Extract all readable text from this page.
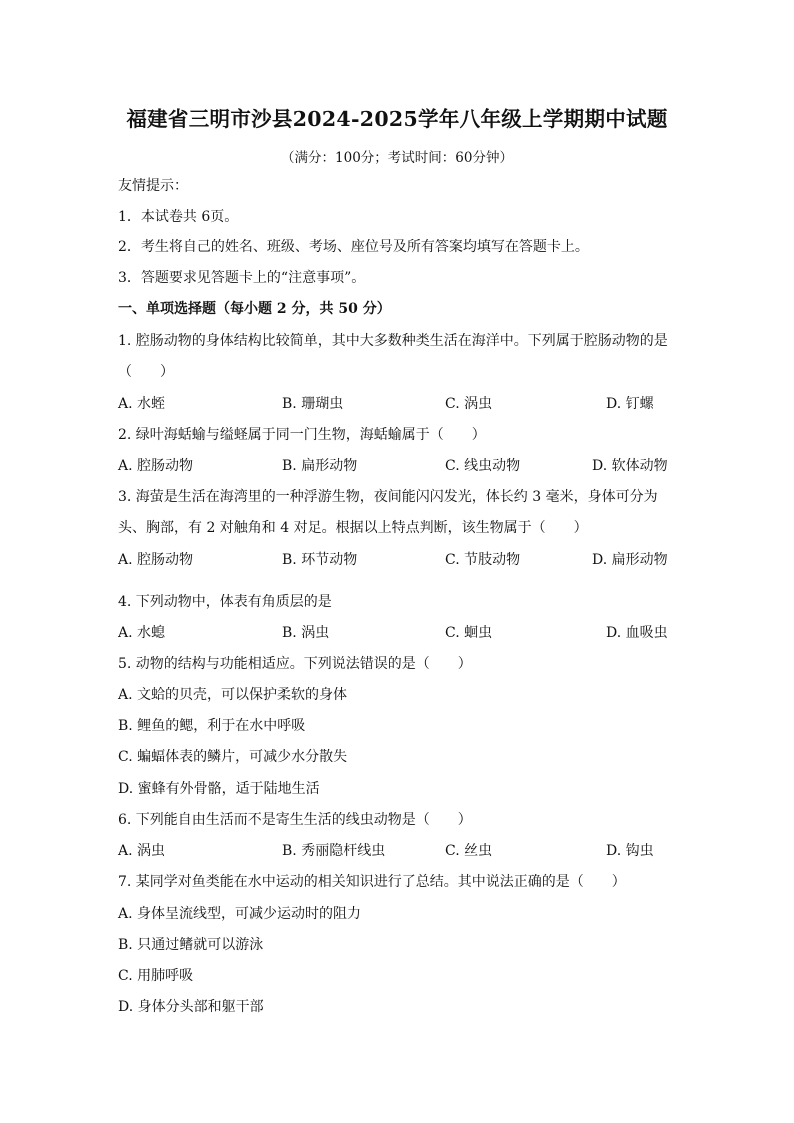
福建省三明市沙县2024-2025学年八年级上学期期中试题
（满分：100分；考试时间：60分钟）
友情提示：
1．本试卷共 6页。
2．考生将自己的姓名、班级、考场、座位号及所有答案均填写在答题卡上。
3．答题要求见答题卡上的“注意事项”。
一、单项选择题（每小题 2 分，共 50 分）
1. 腔肠动物的身体结构比较简单，其中大多数种类生活在海洋中。下列属于腔肠动物的是
（　　）
A. 水蛭	B. 珊瑚虫	C. 涡虫	D. 钉螺
2. 绿叶海蛞蝓与缢蛏属于同一门生物，海蛞蝓属于（　　）
A. 腔肠动物	B. 扁形动物	C. 线虫动物	D. 软体动物
3. 海萤是生活在海湾里的一种浮游生物，夜间能闪闪发光，体长约 3 毫米，身体可分为
头、胸部，有 2 对触角和 4 对足。根据以上特点判断，该生物属于（　　）
A. 腔肠动物	B. 环节动物	C. 节肢动物	D. 扁形动物
4. 下列动物中，体表有角质层的是
A. 水螅	B. 涡虫	C. 蛔虫	D. 血吸虫
5. 动物的结构与功能相适应。下列说法错误的是（　　）
A. 文蛤的贝壳，可以保护柔软的身体
B. 鲤鱼的鳃，利于在水中呼吸
C. 蝙蝠体表的鳞片，可减少水分散失
D. 蜜蜂有外骨骼，适于陆地生活
6. 下列能自由生活而不是寄生生活的线虫动物是（　　）
A. 涡虫	B. 秀丽隐杆线虫	C. 丝虫	D. 钩虫
7. 某同学对鱼类能在水中运动的相关知识进行了总结。其中说法正确的是（　　）
A. 身体呈流线型，可减少运动时的阻力
B. 只通过鳍就可以游泳
C. 用肺呼吸
D. 身体分头部和躯干部
